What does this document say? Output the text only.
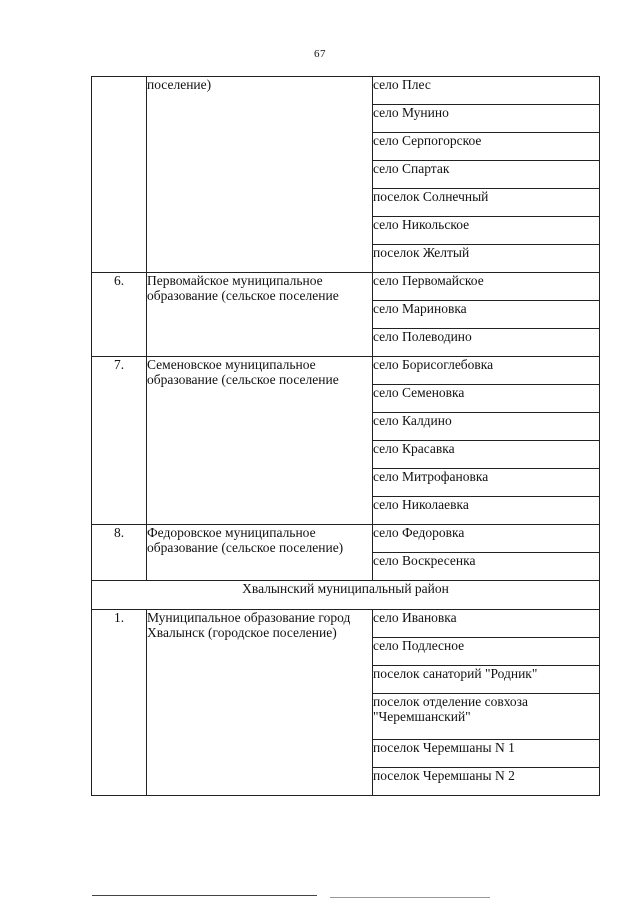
67
	поселение)	село Плес
		село Мунино
		село Серпогорское
		село Спартак
		поселок Солнечный
		село Никольское
		поселок Желтый
6.	Первомайское муниципальное образование (сельское поселение	село Первомайское
		село Мариновка
		село Полеводино
7.	Семеновское муниципальное образование (сельское поселение	село Борисоглебовка
		село Семеновка
		село Калдино
		село Красавка
		село Митрофановка
		село Николаевка
8.	Федоровское муниципальное образование (сельское поселение)	село Федоровка
		село Воскресенка
Хвалынский муниципальный район		
1.	Муниципальное образование город Хвалынск (городское поселение)	село Ивановка
		село Подлесное
		поселок санаторий "Родник"
		поселок отделение совхоза "Черемшанский"
		поселок Черемшаны N 1
		поселок Черемшаны N 2
